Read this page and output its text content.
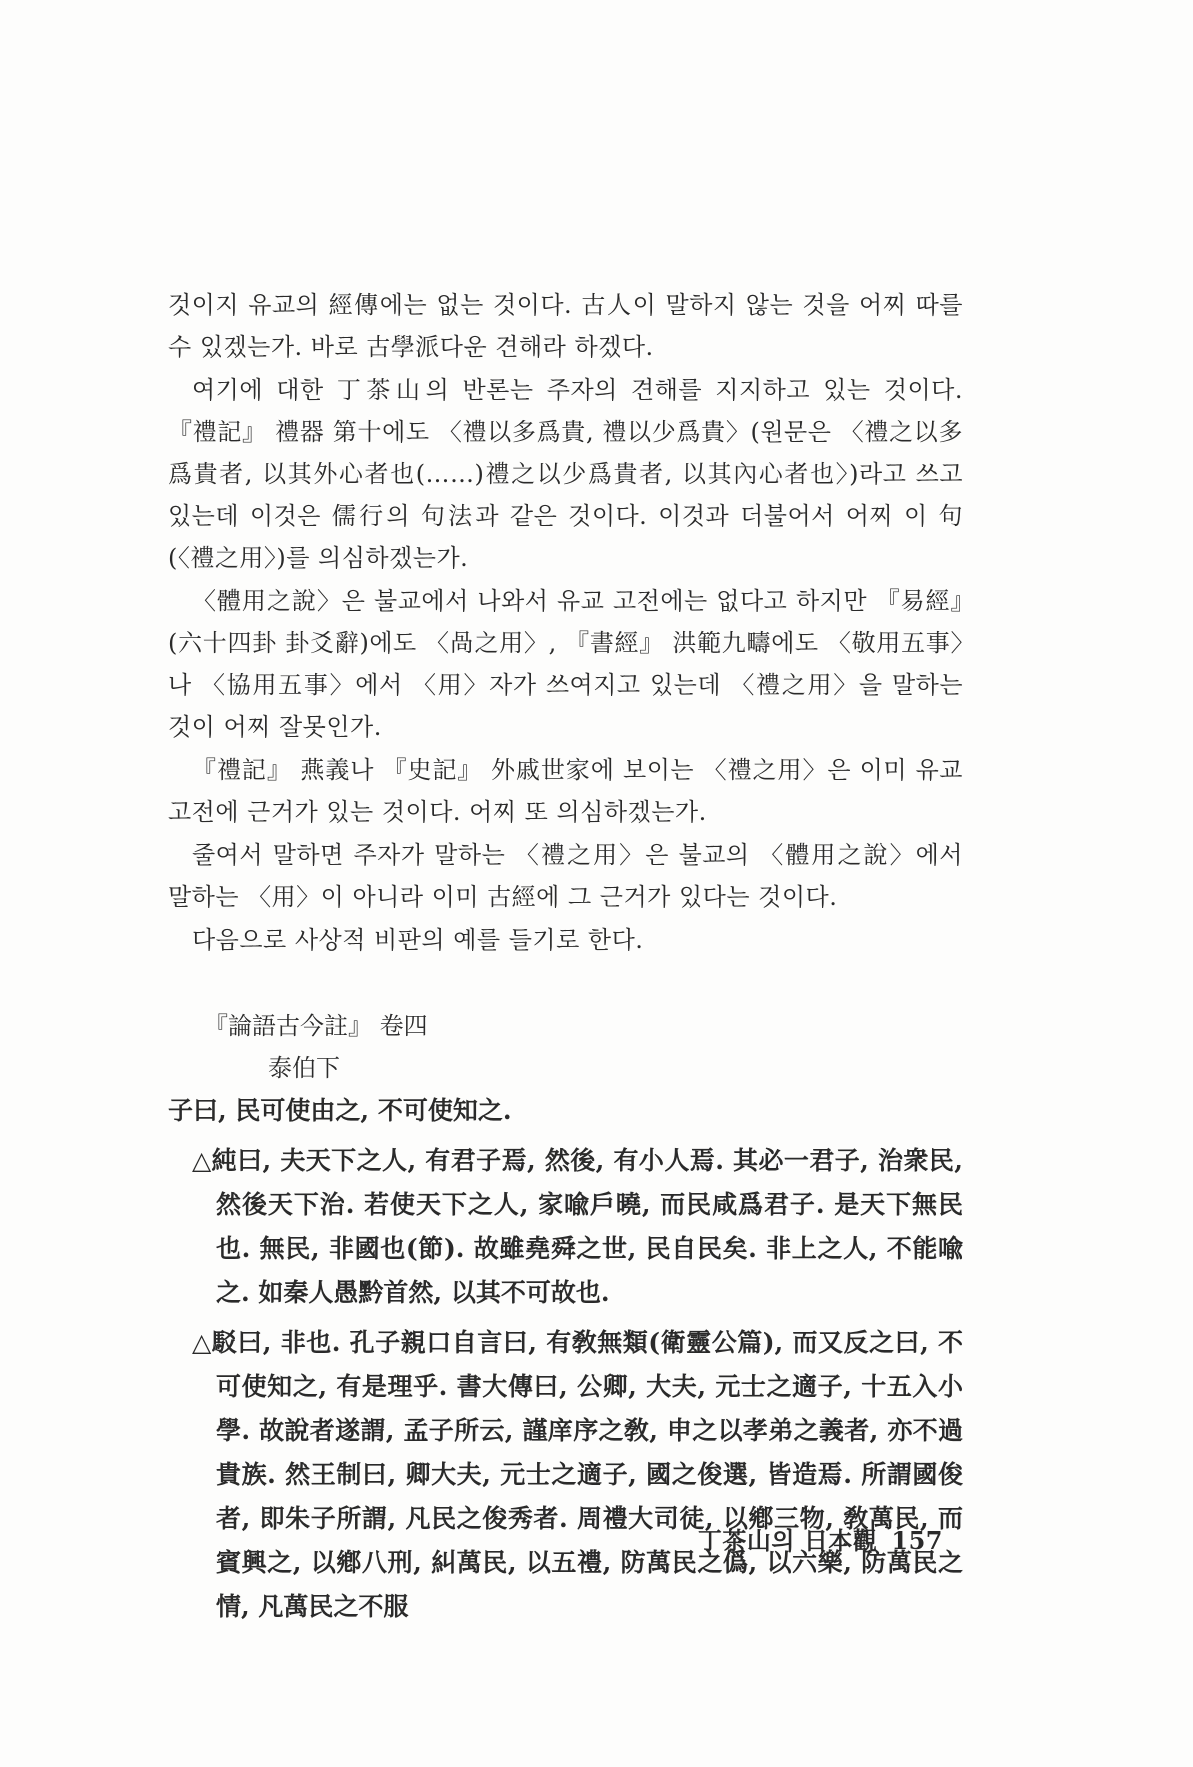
것이지 유교의 經傳에는 없는 것이다. 古人이 말하지 않는 것을 어찌 따를 수 있겠는가. 바로 古學派다운 견해라 하겠다.

여기에 대한 丁茶山의 반론는 주자의 견해를 지지하고 있는 것이다. 『禮記』 禮器 第十에도 〈禮以多爲貴, 禮以少爲貴〉(원문은 〈禮之以多爲貴者, 以其外心者也(……)禮之以少爲貴者, 以其內心者也〉)라고 쓰고 있는데 이것은 儒行의 句法과 같은 것이다. 이것과 더불어서 어찌 이 句(〈禮之用〉)를 의심하겠는가.

〈體用之說〉은 불교에서 나와서 유교 고전에는 없다고 하지만 『易經』(六十四卦 卦爻辭)에도 〈咼之用〉, 『書經』 洪範九疇에도 〈敬用五事〉나 〈協用五事〉에서 〈用〉자가 쓰여지고 있는데 〈禮之用〉을 말하는 것이 어찌 잘못인가.

『禮記』 燕義나 『史記』 外戚世家에 보이는 〈禮之用〉은 이미 유교 고전에 근거가 있는 것이다. 어찌 또 의심하겠는가.

줄여서 말하면 주자가 말하는 〈禮之用〉은 불교의 〈體用之說〉에서 말하는 〈用〉이 아니라 이미 古經에 그 근거가 있다는 것이다.

다음으로 사상적 비판의 예를 들기로 한다.

『論語古今註』 卷四

泰伯下

子曰, 民可使由之, 不可使知之.

△純曰, 夫天下之人, 有君子焉, 然後, 有小人焉. 其必一君子, 治衆民, 然後天下治. 若使天下之人, 家喩戶曉, 而民咸爲君子. 是天下無民也. 無民, 非國也(節). 故雖堯舜之世, 民自民矣. 非上之人, 不能喩之. 如秦人愚黔首然, 以其不可故也.

△駁曰, 非也. 孔子親口自言曰, 有敎無類(衛靈公篇), 而又反之曰, 不可使知之, 有是理乎. 書大傳曰, 公卿, 大夫, 元士之適子, 十五入小學. 故說者遂謂, 孟子所云, 謹庠序之敎, 申之以孝弟之義者, 亦不過貴族. 然王制曰, 卿大夫, 元士之適子, 國之俊選, 皆造焉. 所謂國俊者, 即朱子所謂, 凡民之俊秀者. 周禮大司徒, 以鄕三物, 敎萬民, 而賓興之, 以鄕八刑, 糾萬民, 以五禮, 防萬民之僞, 以六樂, 防萬民之情, 凡萬民之不服

丁茶山의 日本觀 157
